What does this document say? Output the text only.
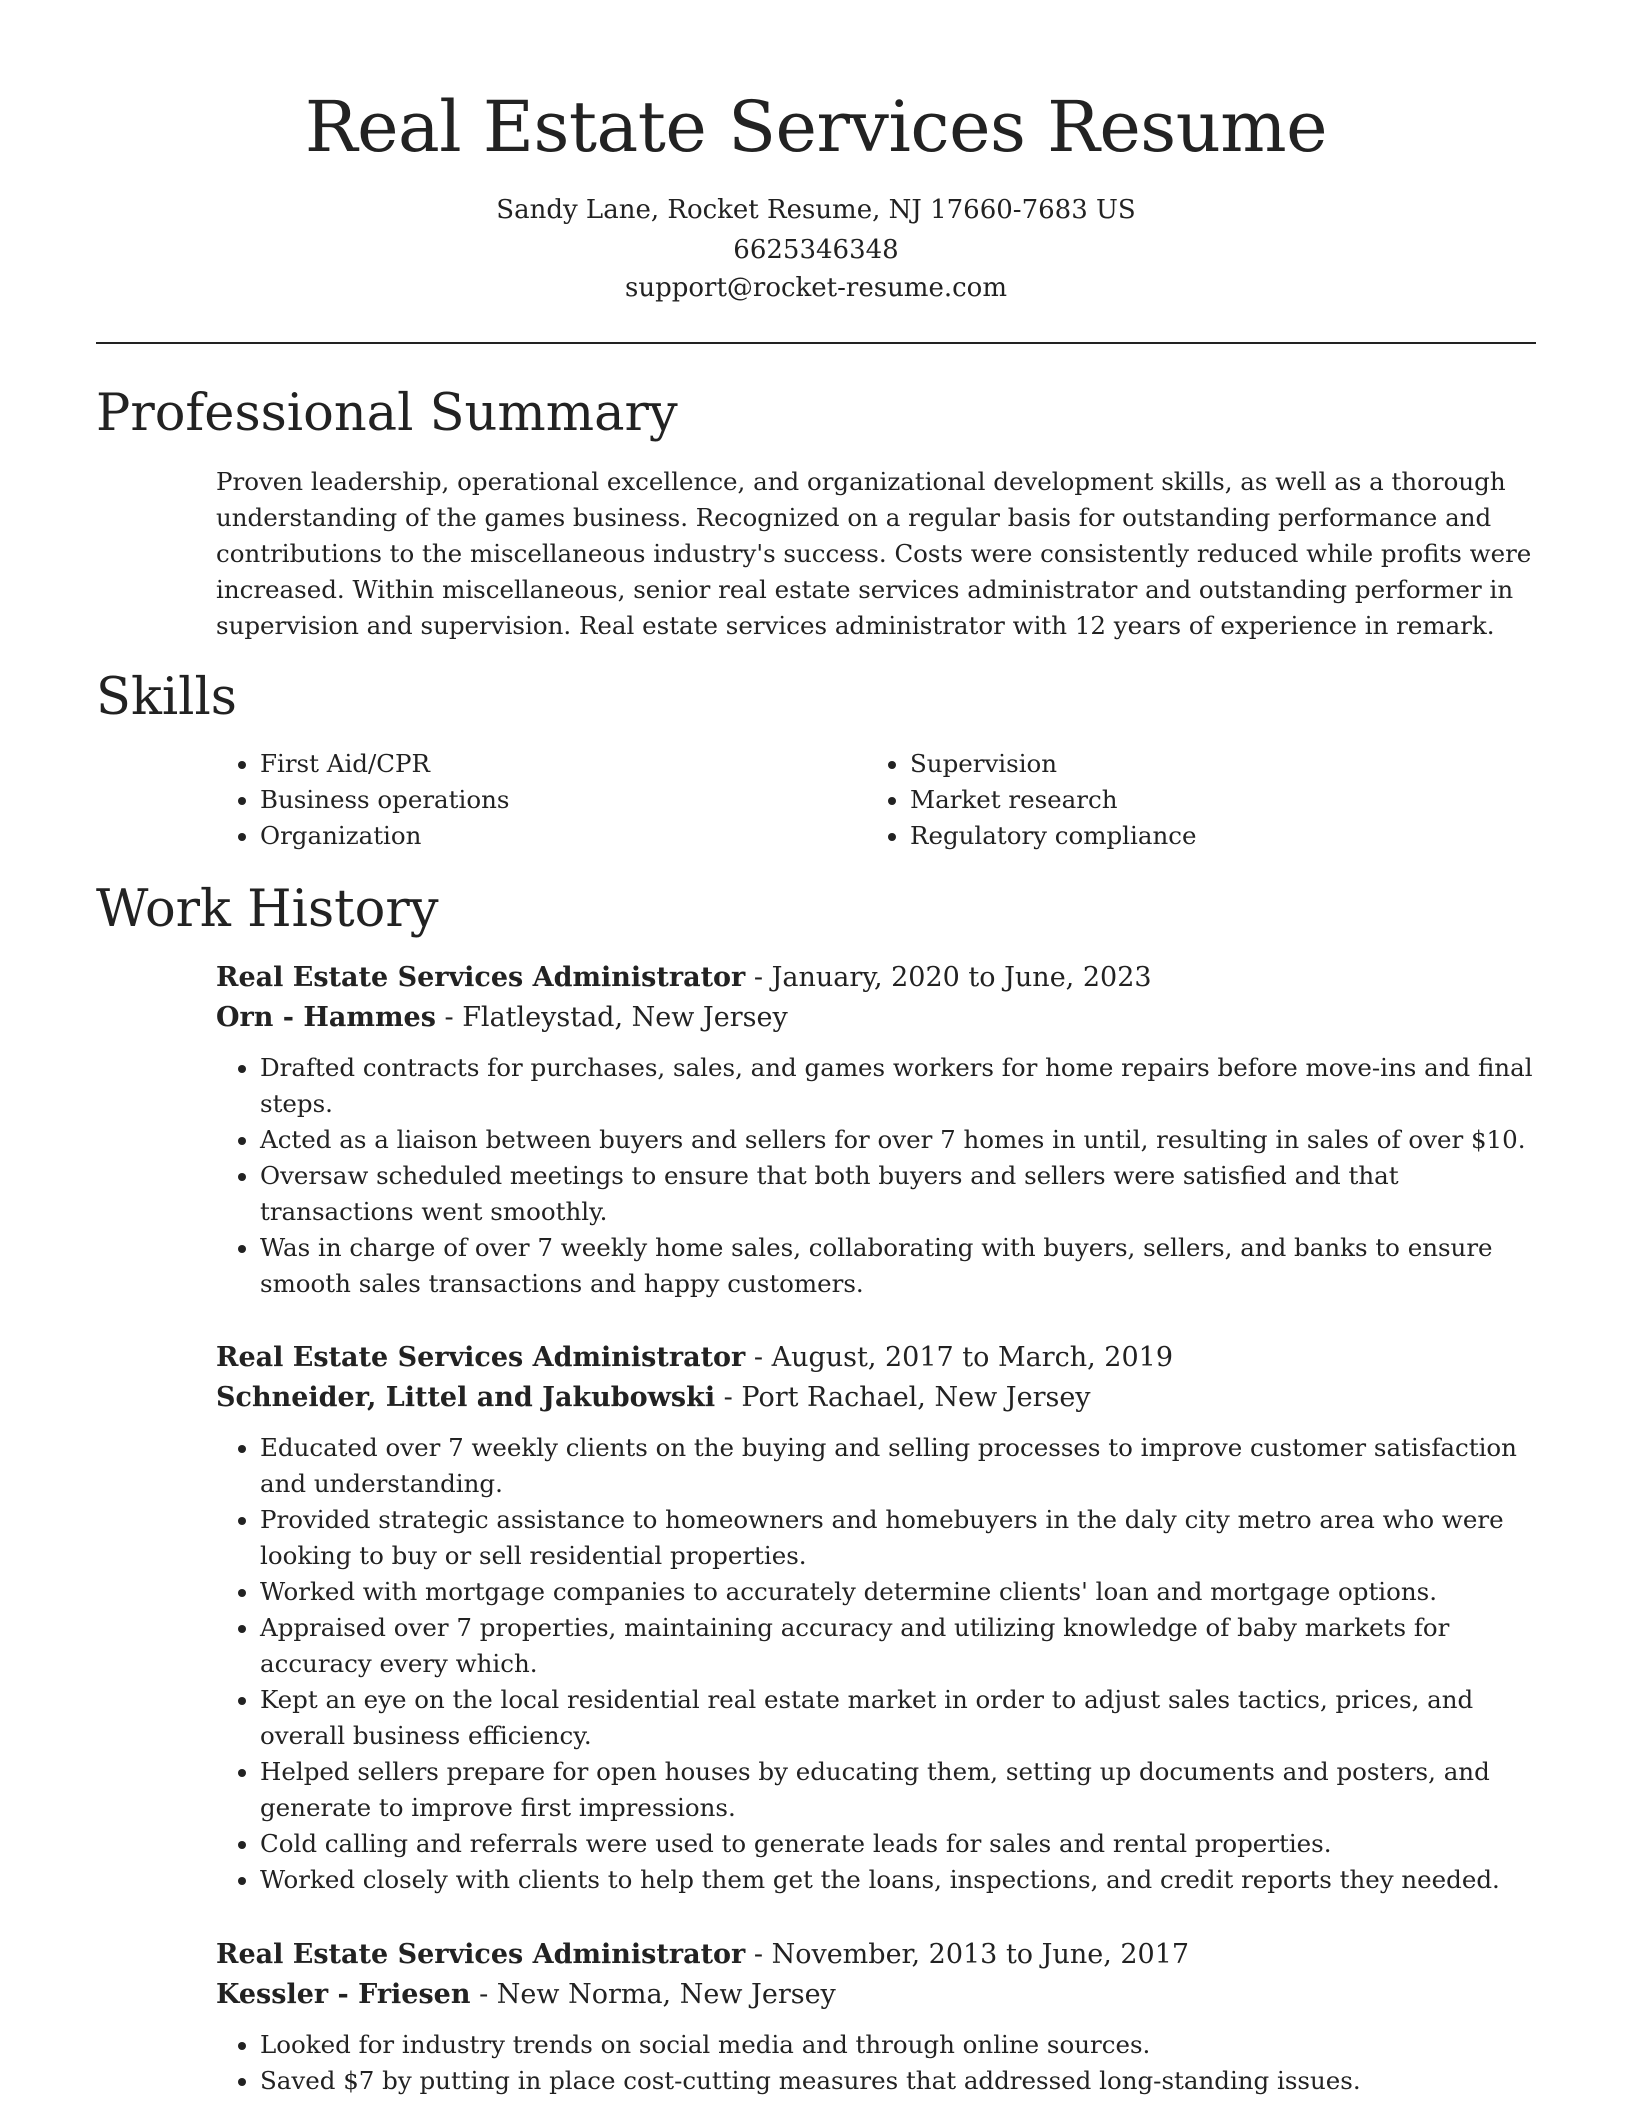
Real Estate Services Resume
Sandy Lane, Rocket Resume, NJ 17660-7683 US
6625346348
support@rocket-resume.com
Professional Summary

Proven leadership, operational excellence, and organizational development skills, as well as a thorough understanding of the games business. Recognized on a regular basis for outstanding performance and contributions to the miscellaneous industry's success. Costs were consistently reduced while profits were increased. Within miscellaneous, senior real estate services administrator and outstanding performer in supervision and supervision. Real estate services administrator with 12 years of experience in remark.

Skills
• First Aid/CPR
• Business operations
• Organization
• Supervision
• Market research
• Regulatory compliance
Work History
Real Estate Services Administrator - January, 2020 to June, 2023
Orn - Hammes - Flatleystad, New Jersey
• Drafted contracts for purchases, sales, and games workers for home repairs before move-ins and final steps.
• Acted as a liaison between buyers and sellers for over 7 homes in until, resulting in sales of over $10.
• Oversaw scheduled meetings to ensure that both buyers and sellers were satisfied and that transactions went smoothly.
• Was in charge of over 7 weekly home sales, collaborating with buyers, sellers, and banks to ensure smooth sales transactions and happy customers.
Real Estate Services Administrator - August, 2017 to March, 2019
Schneider, Littel and Jakubowski - Port Rachael, New Jersey
• Educated over 7 weekly clients on the buying and selling processes to improve customer satisfaction and understanding.
• Provided strategic assistance to homeowners and homebuyers in the daly city metro area who were looking to buy or sell residential properties.
• Worked with mortgage companies to accurately determine clients' loan and mortgage options.
• Appraised over 7 properties, maintaining accuracy and utilizing knowledge of baby markets for accuracy every which.
• Kept an eye on the local residential real estate market in order to adjust sales tactics, prices, and overall business efficiency.
• Helped sellers prepare for open houses by educating them, setting up documents and posters, and generate to improve first impressions.
• Cold calling and referrals were used to generate leads for sales and rental properties.
• Worked closely with clients to help them get the loans, inspections, and credit reports they needed.
Real Estate Services Administrator - November, 2013 to June, 2017
Kessler - Friesen - New Norma, New Jersey
• Looked for industry trends on social media and through online sources.
• Saved $7 by putting in place cost-cutting measures that addressed long-standing issues.
